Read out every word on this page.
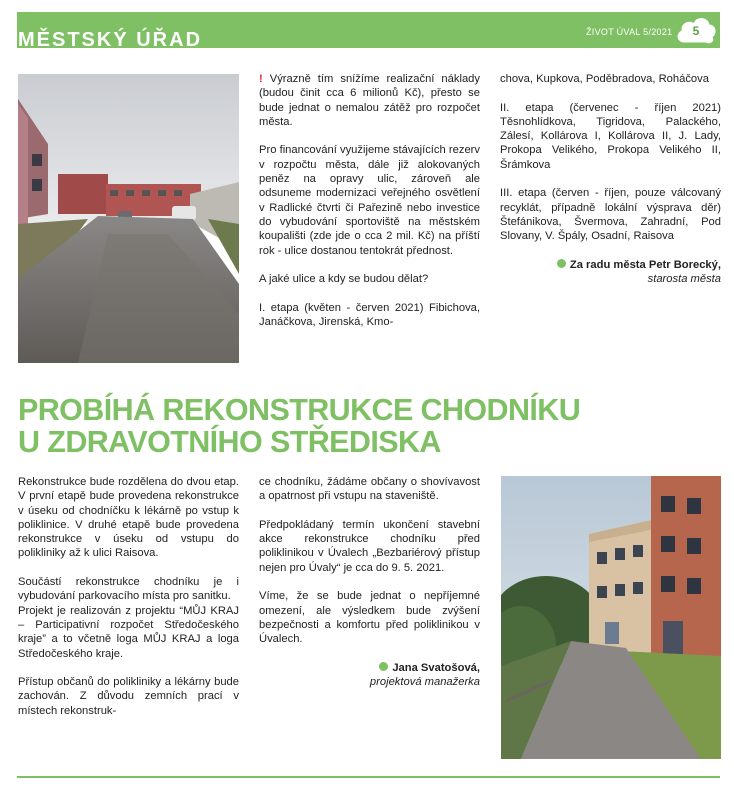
MĚSTSKÝ ÚŘAD	ŽIVOT ÚVAL 5/2021	5

! Výrazně tím snížíme realizační náklady (budou činit cca 6 milionů Kč), přesto se bude jednat o nemalou zátěž pro rozpočet města.

Pro financování využijeme stávajících rezerv v rozpočtu města, dále již alokovaných peněz na opravy ulic, zároveň ale odsuneme modernizaci veřejného osvětlení v Radlické čtvrti či Pařezině nebo investice do vybudování sportoviště na městském koupališti (zde jde o cca 2 mil. Kč) na příští rok - ulice dostanou tentokrát přednost.

A jaké ulice a kdy se budou dělat?

I. etapa (květen - červen 2021) Fibichova, Janáčkova, Jirenská, Kmo-

chova, Kupkova, Poděbradova, Roháčova

II. etapa (červenec - říjen 2021) Těsnohlídkova, Tigridova, Palackého, Zálesí, Kollárova I, Kollárova II, J. Lady, Prokopa Velikého, Prokopa Velikého II, Šrámkova

III. etapa (červen - říjen, pouze válcovaný recyklát, případně lokální výsprava děr) Štefánikova, Švermova, Zahradní, Pod Slovany, V. Špály, Osadní, Raisova

Za radu města Petr Borecký,
starosta města
PROBÍHÁ REKONSTRUKCE CHODNÍKU
U ZDRAVOTNÍHO STŘEDISKA

Rekonstrukce bude rozdělena do dvou etap. V první etapě bude provedena rekonstrukce v úseku od chodníčku k lékárně po vstup k poliklinice. V druhé etapě bude provedena rekonstrukce v úseku od vstupu do polikliniky až k ulici Raisova.

Součástí rekonstrukce chodníku je i vybudování parkovacího místa pro sanitku.

Projekt je realizován z projektu “MŮJ KRAJ – Participativní rozpočet Středočeského kraje” a to včetně loga MŮJ KRAJ a loga Středočeského kraje.

Přístup občanů do polikliniky a lékárny bude zachován. Z důvodu zemních prací v místech rekonstruk-

ce chodníku, žádáme občany o shovívavost a opatrnost při vstupu na staveniště.

Předpokládaný termín ukončení stavební akce rekonstrukce chodníku před poliklinikou v Úvalech „Bezbariérový přístup nejen pro Úvaly“ je cca do 9. 5. 2021.

Víme, že se bude jednat o nepříjemné omezení, ale výsledkem bude zvýšení bezpečnosti a komfortu před poliklinikou v Úvalech.

Jana Svatošová,
projektová manažerka
